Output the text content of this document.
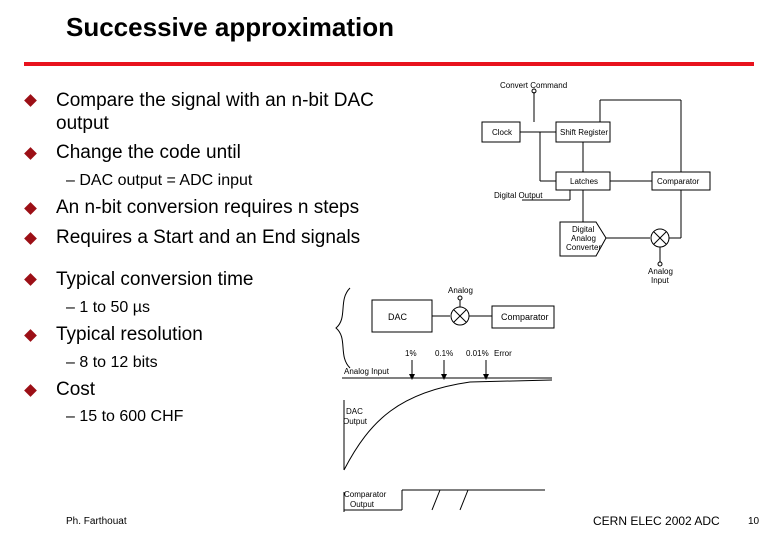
Successive approximation
Compare the signal with an n-bit DAC
output
Change the code until
– DAC output = ADC input
An n-bit conversion requires n steps
Requires a Start and an End signals
Typical conversion time
– 1 to 50 µs
Typical resolution
– 8 to 12 bits
Cost
– 15 to 600 CHF
Convert Command
Clock	Shift Register
Latches	Comparator
Digital Output
Digital
Analog
Converter
Analog
Input
Analog
DAC	Comparator
1% 0.1% 0.01% Error
Analog Input
DAC
Output
Comparator
Output
Ph. Farthouat	CERN ELEC 2002 ADC	10
